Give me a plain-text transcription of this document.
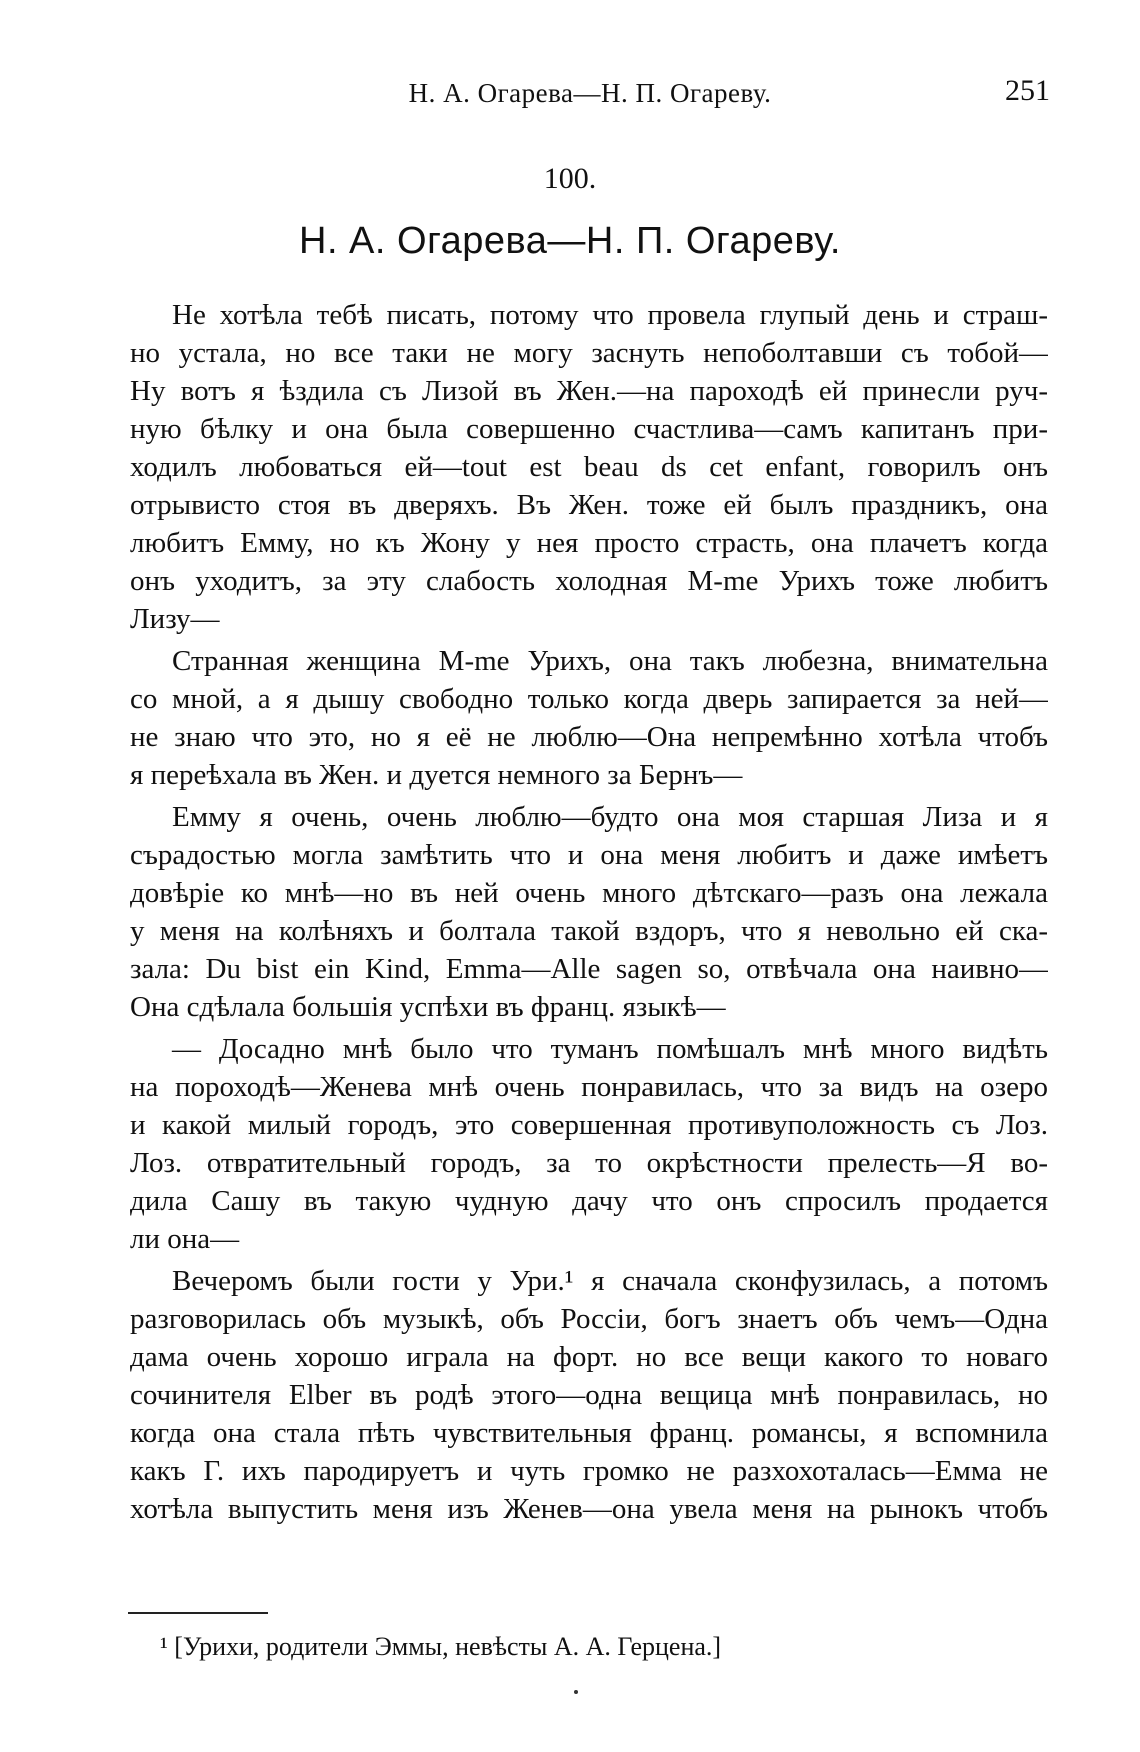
Н. А. Огарева—Н. П. Огареву.	251
100.
Н. А. Огарева—Н. П. Огареву.
Не хотѣла тебѣ писать, потому что провела глупый день и страш-
но устала, но все таки не могу заснуть непоболтавши съ тобой—
Ну вотъ я ѣздила съ Лизой въ Жен.—на пароходѣ ей принесли руч-
ную бѣлку и она была совершенно счастлива—самъ капитанъ при-
ходилъ любоваться ей—tout est beau ds cet enfant, говорилъ онъ
отрывисто стоя въ дверяхъ. Въ Жен. тоже ей былъ праздникъ, она
любитъ Емму, но къ Жону у нея просто страсть, она плачетъ когда
онъ уходитъ, за эту слабость холодная M-me Урихъ тоже любитъ
Лизу—
Странная женщина M-me Урихъ, она такъ любезна, внимательна
со мной, а я дышу свободно только когда дверь запирается за ней—
не знаю что это, но я её не люблю—Она непремѣнно хотѣла чтобъ
я переѣхала въ Жен. и дуется немного за Бернъ—
Емму я очень, очень люблю—будто она моя старшая Лиза и я
сърадостью могла замѣтить что и она меня любитъ и даже имѣетъ
довѣріе ко мнѣ—но въ ней очень много дѣтскаго—разъ она лежала
у меня на колѣняхъ и болтала такой вздоръ, что я невольно ей ска-
зала: Du bist ein Kind, Emma—Alle sagen so, отвѣчала она наивно—
Она сдѣлала большія успѣхи въ франц. языкѣ—
— Досадно мнѣ было что туманъ помѣшалъ мнѣ много видѣть
на пороходѣ—Женева мнѣ очень понравилась, что за видъ на озеро
и какой милый городъ, это совершенная противуположность съ Лоз.
Лоз. отвратительный городъ, за то окрѣстности прелесть—Я во-
дила Сашу въ такую чудную дачу что онъ спросилъ продается
ли она—
Вечеромъ были гости у Ури.¹ я сначала сконфузилась, а потомъ
разговорилась объ музыкѣ, объ Россіи, богъ знаетъ объ чемъ—Одна
дама очень хорошо играла на форт. но все вещи какого то новаго
сочинителя Elber въ родѣ этого—одна вещица мнѣ понравилась, но
когда она стала пѣть чувствительныя франц. романсы, я вспомнила
какъ Г. ихъ пародируетъ и чуть громко не разхохоталась—Емма не
хотѣла выпустить меня изъ Женев—она увела меня на рынокъ чтобъ
¹ [Урихи, родители Эммы, невѣсты А. А. Герцена.]
